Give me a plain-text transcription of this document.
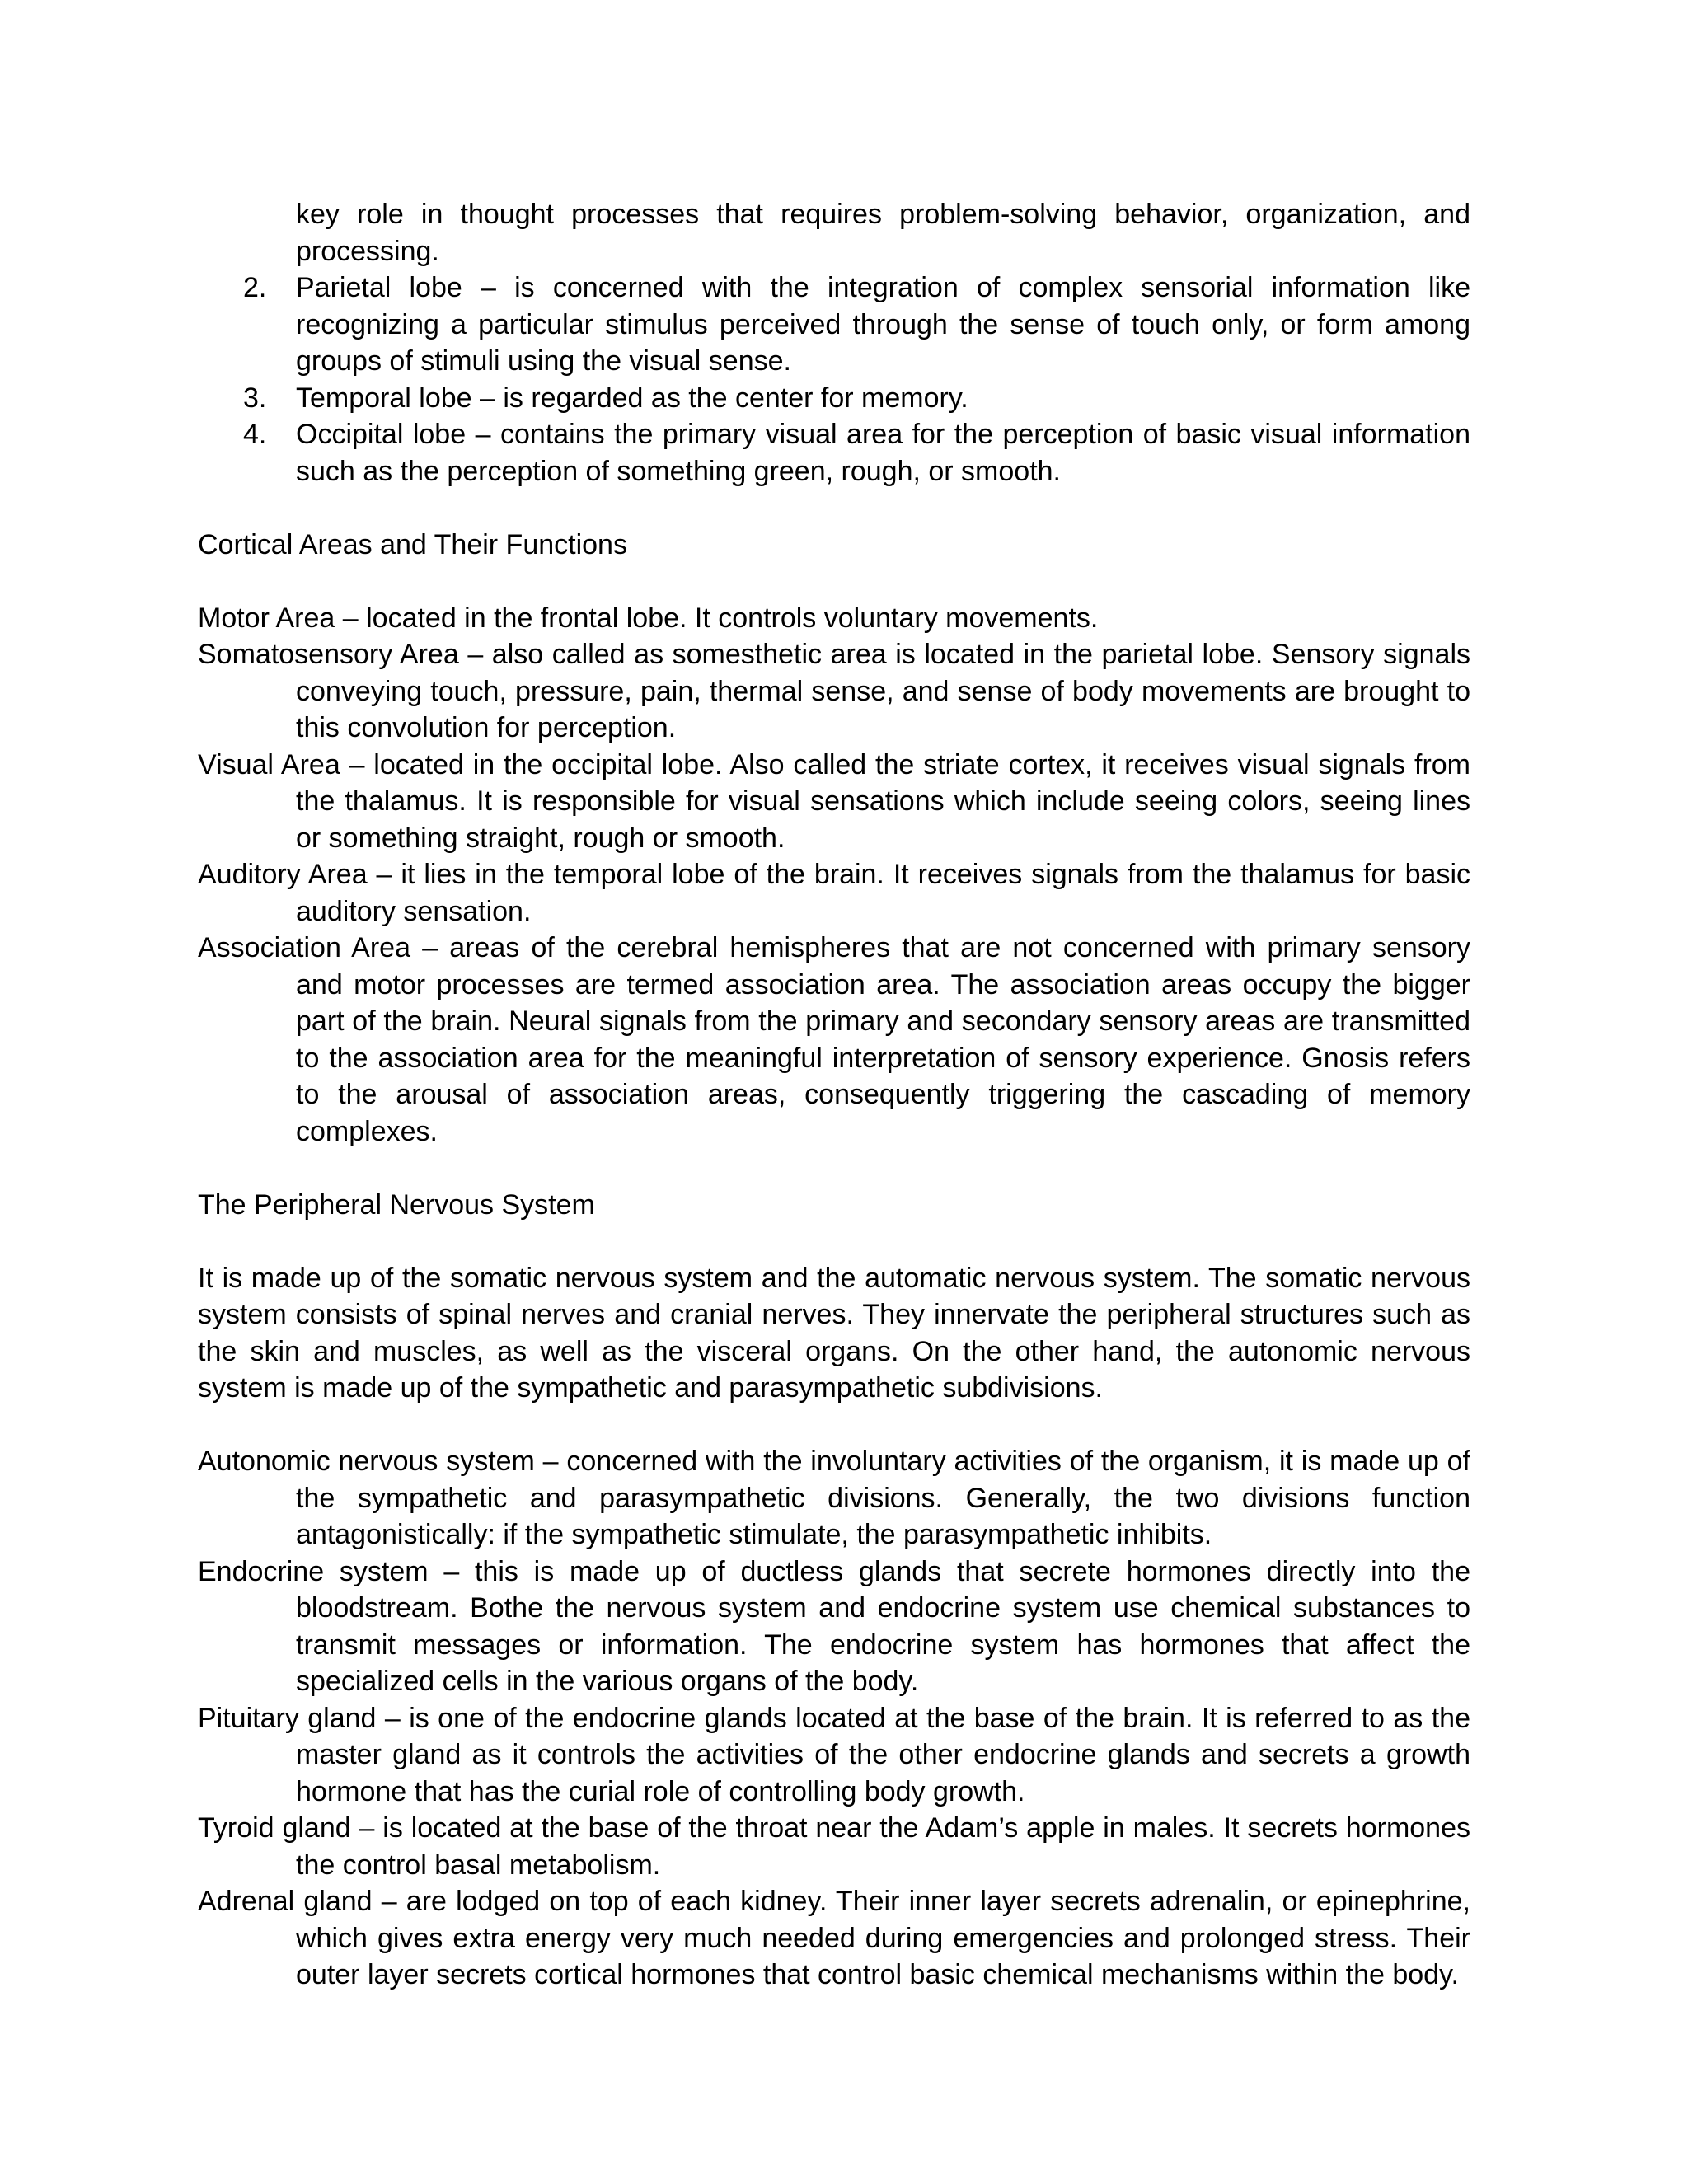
key role in thought processes that requires problem-solving behavior, organization, and processing.

2. Parietal lobe – is concerned with the integration of complex sensorial information like recognizing a particular stimulus perceived through the sense of touch only, or form among groups of stimuli using the visual sense.
3. Temporal lobe – is regarded as the center for memory.
4. Occipital lobe – contains the primary visual area for the perception of basic visual information such as the perception of something green, rough, or smooth.

Cortical Areas and Their Functions

Motor Area – located in the frontal lobe. It controls voluntary movements.

Somatosensory Area – also called as somesthetic area is located in the parietal lobe. Sensory signals conveying touch, pressure, pain, thermal sense, and sense of body movements are brought to this convolution for perception.

Visual Area – located in the occipital lobe. Also called the striate cortex, it receives visual signals from the thalamus. It is responsible for visual sensations which include seeing colors, seeing lines or something straight, rough or smooth.

Auditory Area – it lies in the temporal lobe of the brain. It receives signals from the thalamus for basic auditory sensation.

Association Area – areas of the cerebral hemispheres that are not concerned with primary sensory and motor processes are termed association area. The association areas occupy the bigger part of the brain. Neural signals from the primary and secondary sensory areas are transmitted to the association area for the meaningful interpretation of sensory experience. Gnosis refers to the arousal of association areas, consequently triggering the cascading of memory complexes.

The Peripheral Nervous System

It is made up of the somatic nervous system and the automatic nervous system. The somatic nervous system consists of spinal nerves and cranial nerves. They innervate the peripheral structures such as the skin and muscles, as well as the visceral organs. On the other hand, the autonomic nervous system is made up of the sympathetic and parasympathetic subdivisions.

Autonomic nervous system – concerned with the involuntary activities of the organism, it is made up of the sympathetic and parasympathetic divisions. Generally, the two divisions function antagonistically: if the sympathetic stimulate, the parasympathetic inhibits.

Endocrine system – this is made up of ductless glands that secrete hormones directly into the bloodstream. Bothe the nervous system and endocrine system use chemical substances to transmit messages or information. The endocrine system has hormones that affect the specialized cells in the various organs of the body.

Pituitary gland – is one of the endocrine glands located at the base of the brain. It is referred to as the master gland as it controls the activities of the other endocrine glands and secrets a growth hormone that has the curial role of controlling body growth.

Tyroid gland – is located at the base of the throat near the Adam’s apple in males. It secrets hormones the control basal metabolism.

Adrenal gland – are lodged on top of each kidney. Their inner layer secrets adrenalin, or epinephrine, which gives extra energy very much needed during emergencies and prolonged stress. Their outer layer secrets cortical hormones that control basic chemical mechanisms within the body.
